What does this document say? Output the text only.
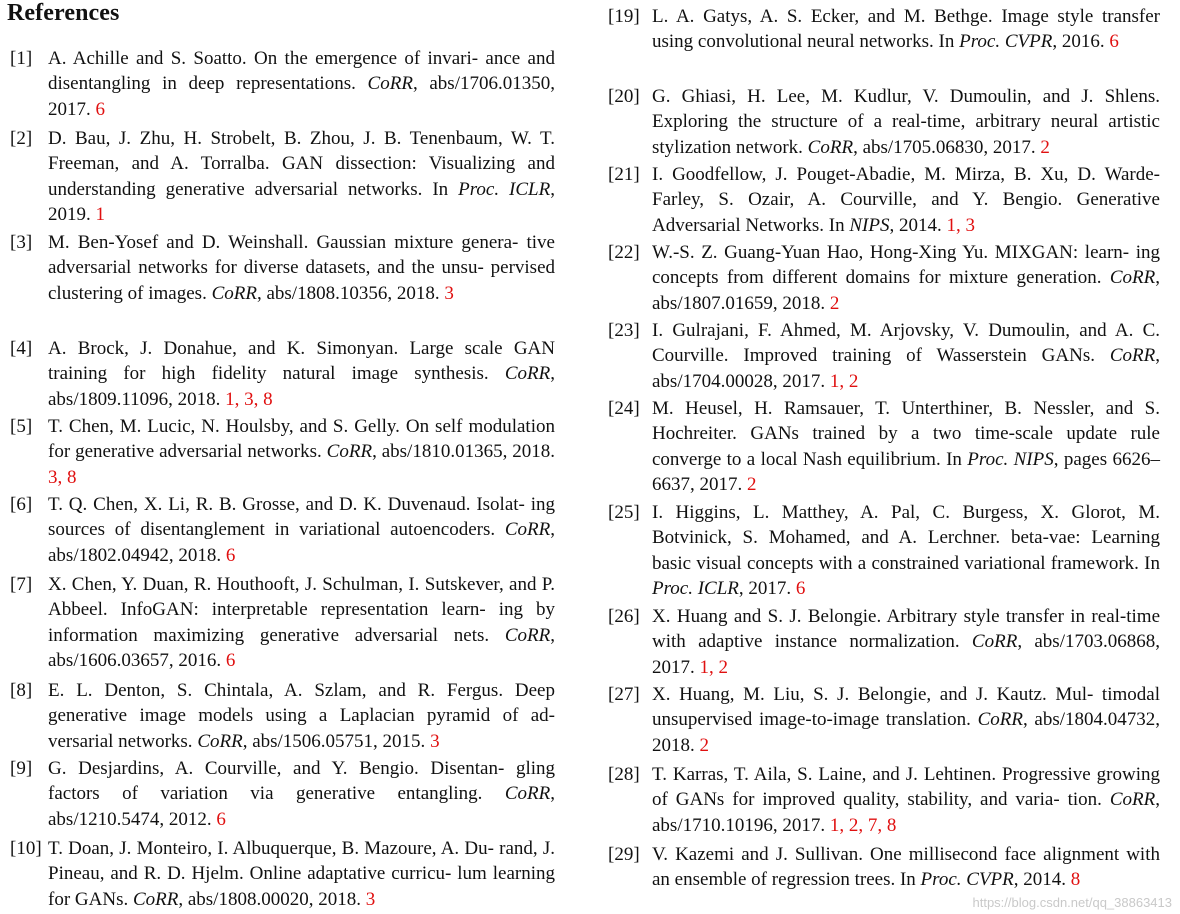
References
[1] A. Achille and S. Soatto. On the emergence of invari- ance and disentangling in deep representations. CoRR, abs/1706.01350, 2017. 6
[2] D. Bau, J. Zhu, H. Strobelt, B. Zhou, J. B. Tenenbaum, W. T. Freeman, and A. Torralba. GAN dissection: Visualizing and understanding generative adversarial networks. In Proc. ICLR, 2019. 1
[3] M. Ben-Yosef and D. Weinshall. Gaussian mixture genera- tive adversarial networks for diverse datasets, and the unsu- pervised clustering of images. CoRR, abs/1808.10356, 2018. 3
[4] A. Brock, J. Donahue, and K. Simonyan. Large scale GAN training for high fidelity natural image synthesis. CoRR, abs/1809.11096, 2018. 1, 3, 8
[5] T. Chen, M. Lucic, N. Houlsby, and S. Gelly. On self modulation for generative adversarial networks. CoRR, abs/1810.01365, 2018. 3, 8
[6] T. Q. Chen, X. Li, R. B. Grosse, and D. K. Duvenaud. Isolat- ing sources of disentanglement in variational autoencoders. CoRR, abs/1802.04942, 2018. 6
[7] X. Chen, Y. Duan, R. Houthooft, J. Schulman, I. Sutskever, and P. Abbeel. InfoGAN: interpretable representation learn- ing by information maximizing generative adversarial nets. CoRR, abs/1606.03657, 2016. 6
[8] E. L. Denton, S. Chintala, A. Szlam, and R. Fergus. Deep generative image models using a Laplacian pyramid of ad- versarial networks. CoRR, abs/1506.05751, 2015. 3
[9] G. Desjardins, A. Courville, and Y. Bengio. Disentan- gling factors of variation via generative entangling. CoRR, abs/1210.5474, 2012. 6
[10] T. Doan, J. Monteiro, I. Albuquerque, B. Mazoure, A. Du- rand, J. Pineau, and R. D. Hjelm. Online adaptative curricu- lum learning for GANs. CoRR, abs/1808.00020, 2018. 3
[19] L. A. Gatys, A. S. Ecker, and M. Bethge. Image style transfer using convolutional neural networks. In Proc. CVPR, 2016. 6
[20] G. Ghiasi, H. Lee, M. Kudlur, V. Dumoulin, and J. Shlens. Exploring the structure of a real-time, arbitrary neural artistic stylization network. CoRR, abs/1705.06830, 2017. 2
[21] I. Goodfellow, J. Pouget-Abadie, M. Mirza, B. Xu, D. Warde- Farley, S. Ozair, A. Courville, and Y. Bengio. Generative Adversarial Networks. In NIPS, 2014. 1, 3
[22] W.-S. Z. Guang-Yuan Hao, Hong-Xing Yu. MIXGAN: learn- ing concepts from different domains for mixture generation. CoRR, abs/1807.01659, 2018. 2
[23] I. Gulrajani, F. Ahmed, M. Arjovsky, V. Dumoulin, and A. C. Courville. Improved training of Wasserstein GANs. CoRR, abs/1704.00028, 2017. 1, 2
[24] M. Heusel, H. Ramsauer, T. Unterthiner, B. Nessler, and S. Hochreiter. GANs trained by a two time-scale update rule converge to a local Nash equilibrium. In Proc. NIPS, pages 6626–6637, 2017. 2
[25] I. Higgins, L. Matthey, A. Pal, C. Burgess, X. Glorot, M. Botvinick, S. Mohamed, and A. Lerchner. beta-vae: Learning basic visual concepts with a constrained variational framework. In Proc. ICLR, 2017. 6
[26] X. Huang and S. J. Belongie. Arbitrary style transfer in real-time with adaptive instance normalization. CoRR, abs/1703.06868, 2017. 1, 2
[27] X. Huang, M. Liu, S. J. Belongie, and J. Kautz. Mul- timodal unsupervised image-to-image translation. CoRR, abs/1804.04732, 2018. 2
[28] T. Karras, T. Aila, S. Laine, and J. Lehtinen. Progressive growing of GANs for improved quality, stability, and varia- tion. CoRR, abs/1710.10196, 2017. 1, 2, 7, 8
[29] V. Kazemi and J. Sullivan. One millisecond face alignment with an ensemble of regression trees. In Proc. CVPR, 2014. 8
https://blog.csdn.net/qq_38863413
